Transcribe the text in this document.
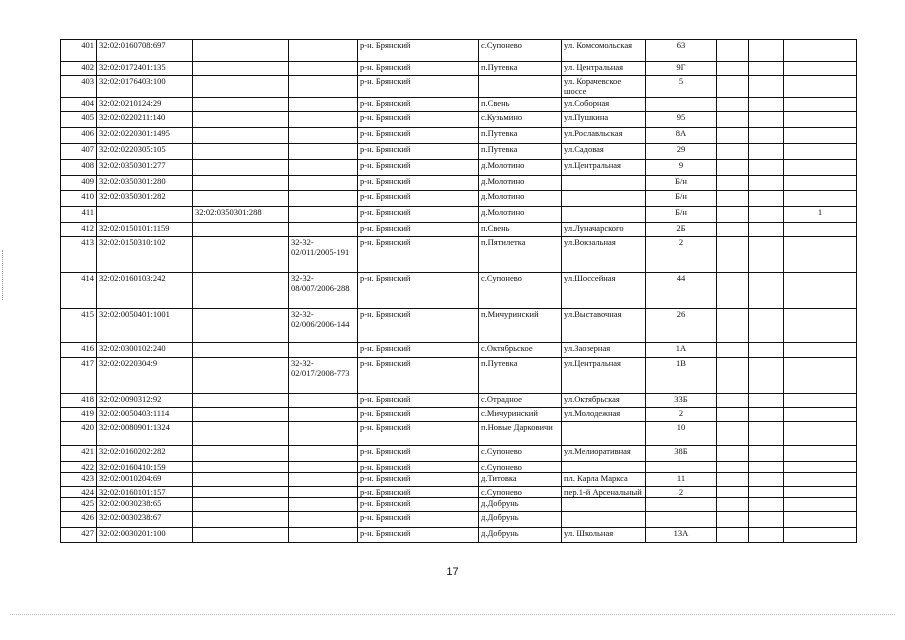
401	32:02:0160708:697			р-н. Брянский	с.Супонево	ул. Комсомольская	63			
402	32:02:0172401:135			р-н. Брянский	п.Путевка	ул. Центральная	9Г			
403	32:02:0176403:100			р-н. Брянский		ул. Корачевское шоссе	5			
404	32:02:0210124:29			р-н. Брянский	п.Свень	ул.Соборная				
405	32:02:0220211:140			р-н. Брянский	с.Кузьмино	ул.Пушкина	95			
406	32:02:0220301:1495			р-н. Брянский	п.Путевка	ул.Рославльская	8А			
407	32:02:0220305:105			р-н. Брянский	п.Путевка	ул.Садовая	29			
408	32:02:0350301:277			р-н. Брянский	д.Молотино	ул.Центральная	9			
409	32:02:0350301:280			р-н. Брянский	д.Молотино		Б/н			
410	32:02:0350301:282			р-н. Брянский	д.Молотино		Б/н			
411		32:02:0350301:288		р-н. Брянский	д.Молотино		Б/н			1
412	32:02:0150101:1159			р-н. Брянский	п.Свень	ул.Луначарского	2Б			
413	32:02:0150310:102		32-32-02/011/2005-191	р-н. Брянский	п.Пятилетка	ул.Вокзальная	2			
414	32:02:0160103:242		32-32-08/007/2006-288	р-н. Брянский	с.Супонево	ул.Шоссейная	44			
415	32:02:0050401:1001		32-32-02/006/2006-144	р-н. Брянский	п.Мичуринский	ул.Выставочная	26			
416	32:02:0300102:240			р-н. Брянский	с.Октябрьское	ул.Заозерная	1А			
417	32:02:0220304:9		32-32-02/017/2008-773	р-н. Брянский	п.Путевка	ул.Центральная	1В			
418	32:02:0090312:92			р-н. Брянский	с.Отрадное	ул.Октябрьская	33Б			
419	32:02:0050403:1114			р-н. Брянский	с.Мичуринский	ул.Молодежная	2			
420	32:02:0080901:1324			р-н. Брянский	п.Новые Дарковичи		10			
421	32:02:0160202:282			р-н. Брянский	с.Супонево	ул.Мелиоративная	38Б			
422	32:02:0160410:159			р-н. Брянский	с.Супонево					
423	32:02:0010204:69			р-н. Брянский	д.Титовка	пл. Карла Маркса	11			
424	32:02:0160101:157			р-н. Брянский	с.Супонево	пер.1-й Арсенальный	2			
425	32:02:0030238:65			р-н. Брянский	д.Добрунь					
426	32:02:0030238:67			р-н. Брянский	д.Добрунь					
427	32:02:0030201:100			р-н. Брянский	д.Добрунь	ул. Школьная	13А			
17
